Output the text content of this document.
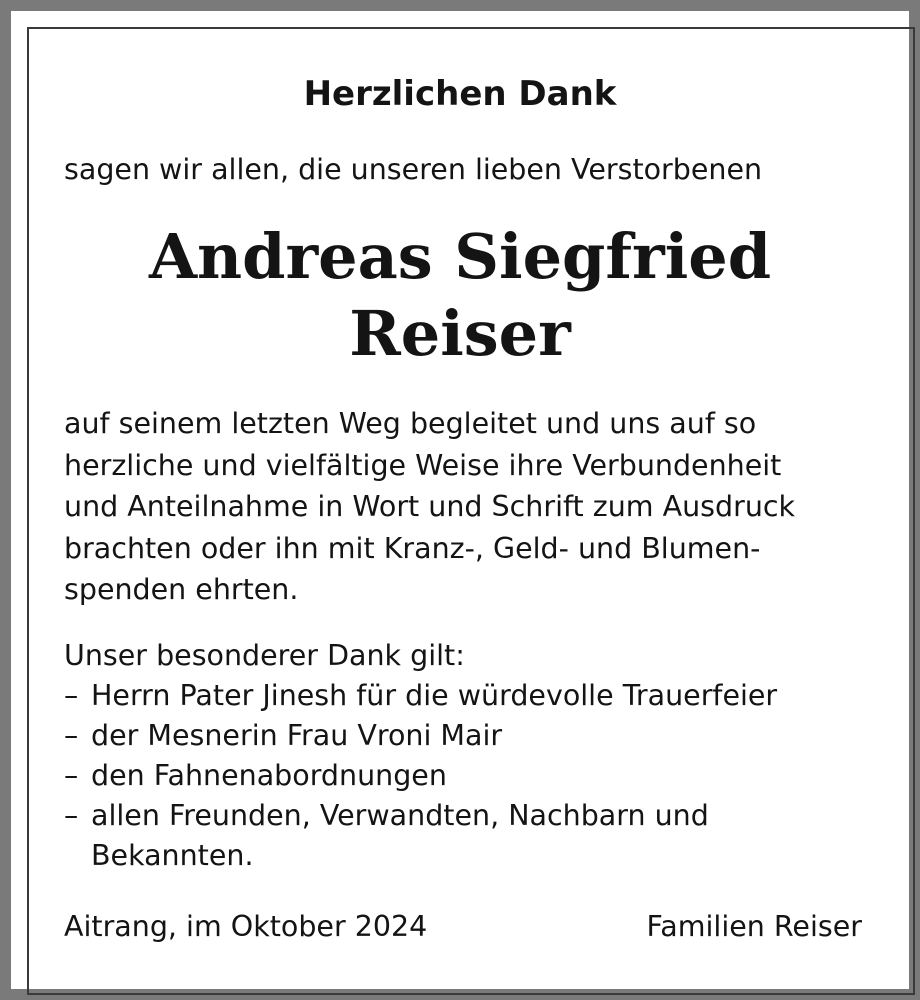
Herzlichen Dank

sagen wir allen, die unseren lieben Verstorbenen

Andreas Siegfried
Reiser

auf seinem letzten Weg begleitet und uns auf so
herzliche und vielfältige Weise ihre Verbundenheit
und Anteilnahme in Wort und Schrift zum Ausdruck
brachten oder ihn mit Kranz-, Geld- und Blumen-
spenden ehrten.

Unser besonderer Dank gilt:
– Herrn Pater Jinesh für die würdevolle Trauerfeier
– der Mesnerin Frau Vroni Mair
– den Fahnenabordnungen
– allen Freunden, Verwandten, Nachbarn und
Bekannten.

Aitrang, im Oktober 2024	Familien Reiser
